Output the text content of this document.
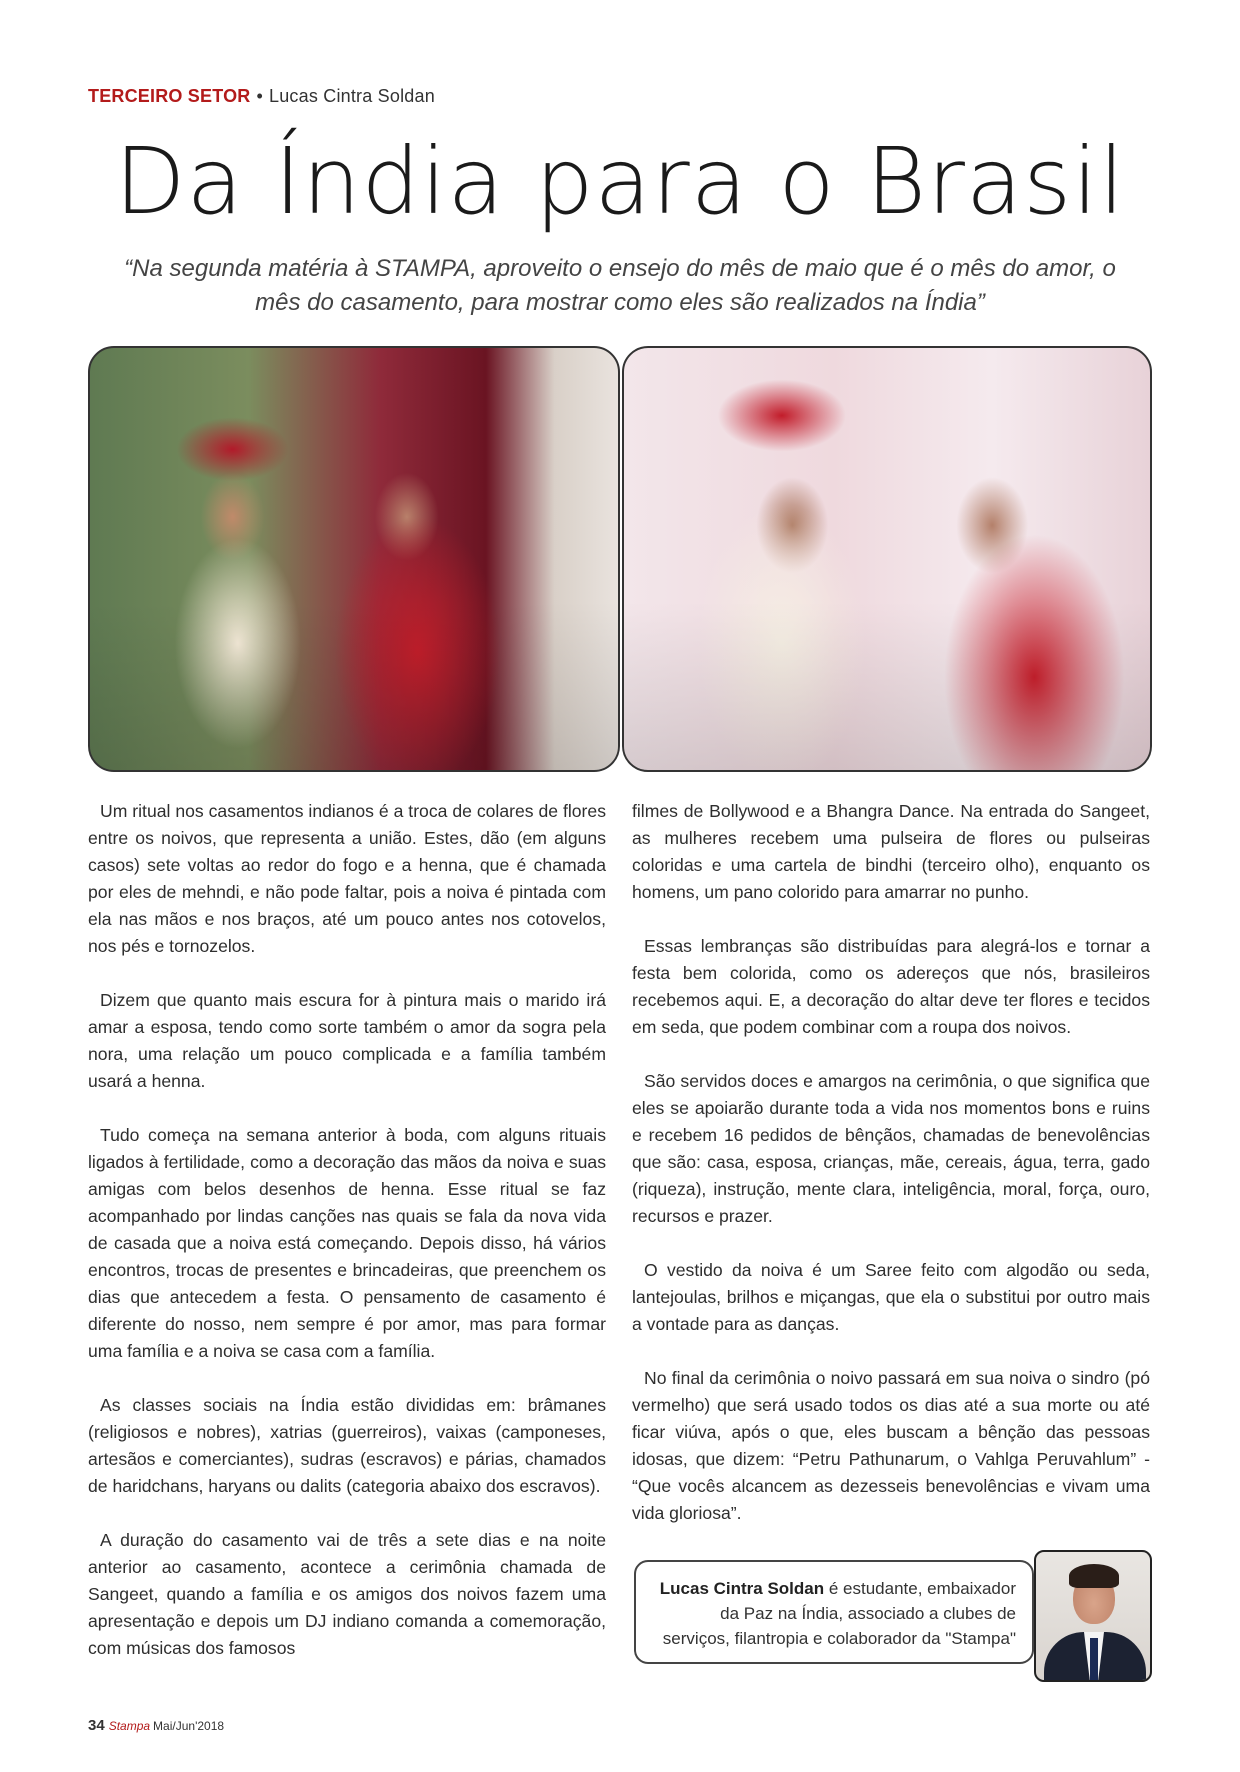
TERCEIRO SETOR • Lucas Cintra Soldan
Da Índia para o Brasil
“Na segunda matéria à STAMPA, aproveito o ensejo do mês de maio que é o mês do amor, o mês do casamento, para mostrar como eles são realizados na Índia”

Um ritual nos casamentos indianos é a troca de colares de flores entre os noivos, que representa a união. Estes, dão (em alguns casos) sete voltas ao redor do fogo e a henna, que é chamada por eles de mehndi, e não pode faltar, pois a noiva é pintada com ela nas mãos e nos braços, até um pouco antes nos cotovelos, nos pés e tornozelos.

Dizem que quanto mais escura for à pintura mais o marido irá amar a esposa, tendo como sorte também o amor da sogra pela nora, uma relação um pouco complicada e a família também usará a henna.

Tudo começa na semana anterior à boda, com alguns rituais ligados à fertilidade, como a decoração das mãos da noiva e suas amigas com belos desenhos de henna. Esse ritual se faz acompanhado por lindas canções nas quais se fala da nova vida de casada que a noiva está começando. Depois disso, há vários encontros, trocas de presentes e brincadeiras, que preenchem os dias que antecedem a festa. O pensamento de casamento é diferente do nosso, nem sempre é por amor, mas para formar uma família e a noiva se casa com a família.

As classes sociais na Índia estão divididas em: brâmanes (religiosos e nobres), xatrias (guerreiros), vaixas (camponeses, artesãos e comerciantes), sudras (escravos) e párias, chamados de haridchans, haryans ou dalits (categoria abaixo dos escravos).

A duração do casamento vai de três a sete dias e na noite anterior ao casamento, acontece a cerimônia chamada de Sangeet, quando a família e os amigos dos noivos fazem uma apresentação e depois um DJ indiano comanda a comemoração, com músicas dos famosos

filmes de Bollywood e a Bhangra Dance. Na entrada do Sangeet, as mulheres recebem uma pulseira de flores ou pulseiras coloridas e uma cartela de bindhi (terceiro olho), enquanto os homens, um pano colorido para amarrar no punho.

Essas lembranças são distribuídas para alegrá-los e tornar a festa bem colorida, como os adereços que nós, brasileiros recebemos aqui. E, a decoração do altar deve ter flores e tecidos em seda, que podem combinar com a roupa dos noivos.

São servidos doces e amargos na cerimônia, o que significa que eles se apoiarão durante toda a vida nos momentos bons e ruins e recebem 16 pedidos de bênçãos, chamadas de benevolências que são: casa, esposa, crianças, mãe, cereais, água, terra, gado (riqueza), instrução, mente clara, inteligência, moral, força, ouro, recursos e prazer.

O vestido da noiva é um Saree feito com algodão ou seda, lantejoulas, brilhos e miçangas, que ela o substitui por outro mais a vontade para as danças.

No final da cerimônia o noivo passará em sua noiva o sindro (pó vermelho) que será usado todos os dias até a sua morte ou até ficar viúva, após o que, eles buscam a bênção das pessoas idosas, que dizem: “Petru Pathunarum, o Vahlga Peruvahlum” - “Que vocês alcancem as dezesseis benevolências e vivam uma vida gloriosa”.

Lucas Cintra Soldan é estudante, embaixador
da Paz na Índia, associado a clubes de
serviços, filantropia e colaborador da "Stampa"
34 Stampa Mai/Jun'2018
